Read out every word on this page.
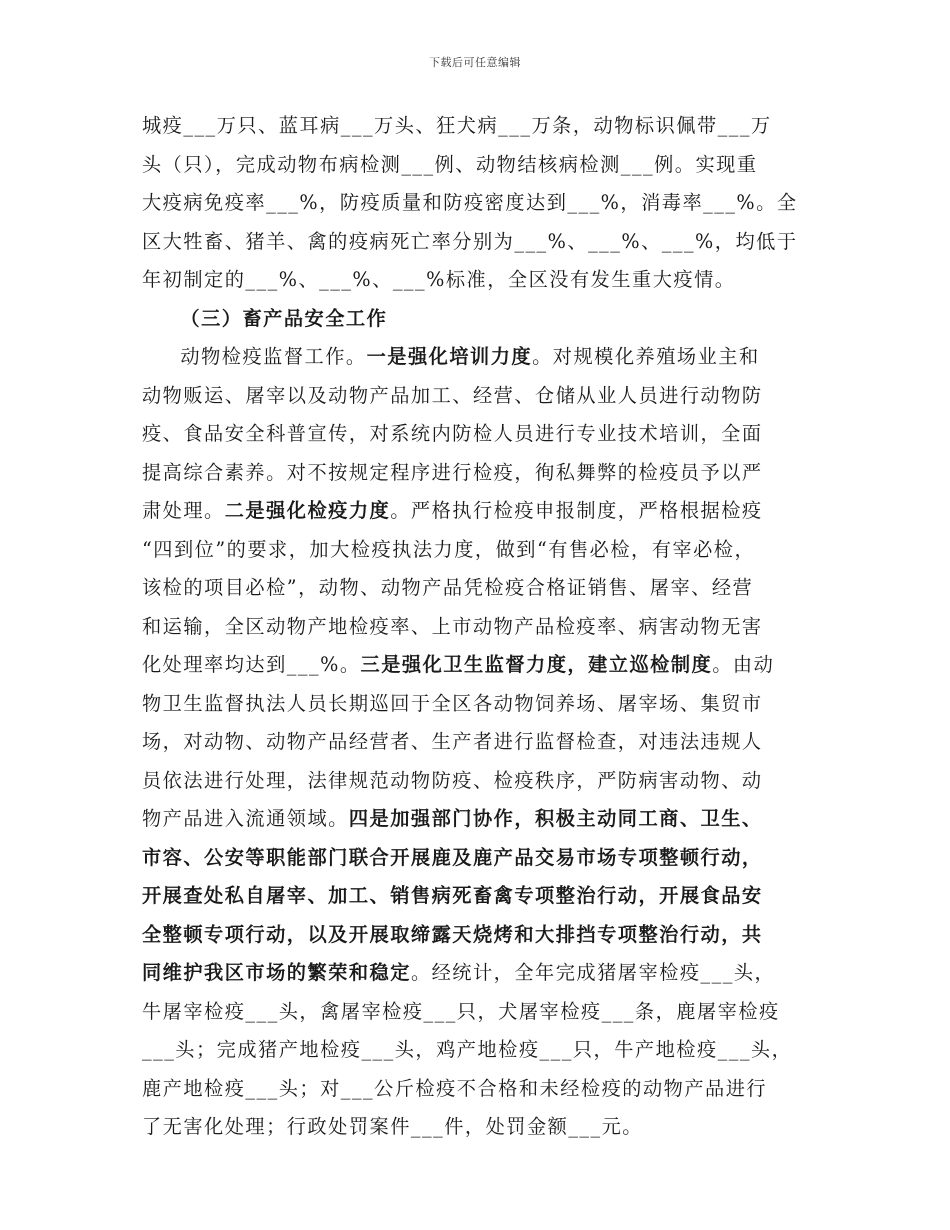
下载后可任意编辑
城疫___万只、蓝耳病___万头、狂犬病___万条，动物标识佩带___万
头（只），完成动物布病检测___例、动物结核病检测___例。实现重
大疫病免疫率___%，防疫质量和防疫密度达到___%，消毒率___%。全
区大牲畜、猪羊、禽的疫病死亡率分别为___%、___%、___%，均低于
年初制定的___%、___%、___%标准，全区没有发生重大疫情。
（三）畜产品安全工作
动物检疫监督工作。一是强化培训力度。对规模化养殖场业主和
动物贩运、屠宰以及动物产品加工、经营、仓储从业人员进行动物防
疫、食品安全科普宣传，对系统内防检人员进行专业技术培训，全面
提高综合素养。对不按规定程序进行检疫，徇私舞弊的检疫员予以严
肃处理。二是强化检疫力度。严格执行检疫申报制度，严格根据检疫
“四到位”的要求，加大检疫执法力度，做到“有售必检，有宰必检，
该检的项目必检”，动物、动物产品凭检疫合格证销售、屠宰、经营
和运输，全区动物产地检疫率、上市动物产品检疫率、病害动物无害
化处理率均达到___%。三是强化卫生监督力度，建立巡检制度。由动
物卫生监督执法人员长期巡回于全区各动物饲养场、屠宰场、集贸市
场，对动物、动物产品经营者、生产者进行监督检查，对违法违规人
员依法进行处理，法律规范动物防疫、检疫秩序，严防病害动物、动
物产品进入流通领域。四是加强部门协作，积极主动同工商、卫生、
市容、公安等职能部门联合开展鹿及鹿产品交易市场专项整顿行动，
开展查处私自屠宰、加工、销售病死畜禽专项整治行动，开展食品安
全整顿专项行动，以及开展取缔露天烧烤和大排挡专项整治行动，共
同维护我区市场的繁荣和稳定。经统计，全年完成猪屠宰检疫___头，
牛屠宰检疫___头，禽屠宰检疫___只，犬屠宰检疫___条，鹿屠宰检疫
___头；完成猪产地检疫___头，鸡产地检疫___只，牛产地检疫___头，
鹿产地检疫___头；对___公斤检疫不合格和未经检疫的动物产品进行
了无害化处理；行政处罚案件___件，处罚金额___元。
